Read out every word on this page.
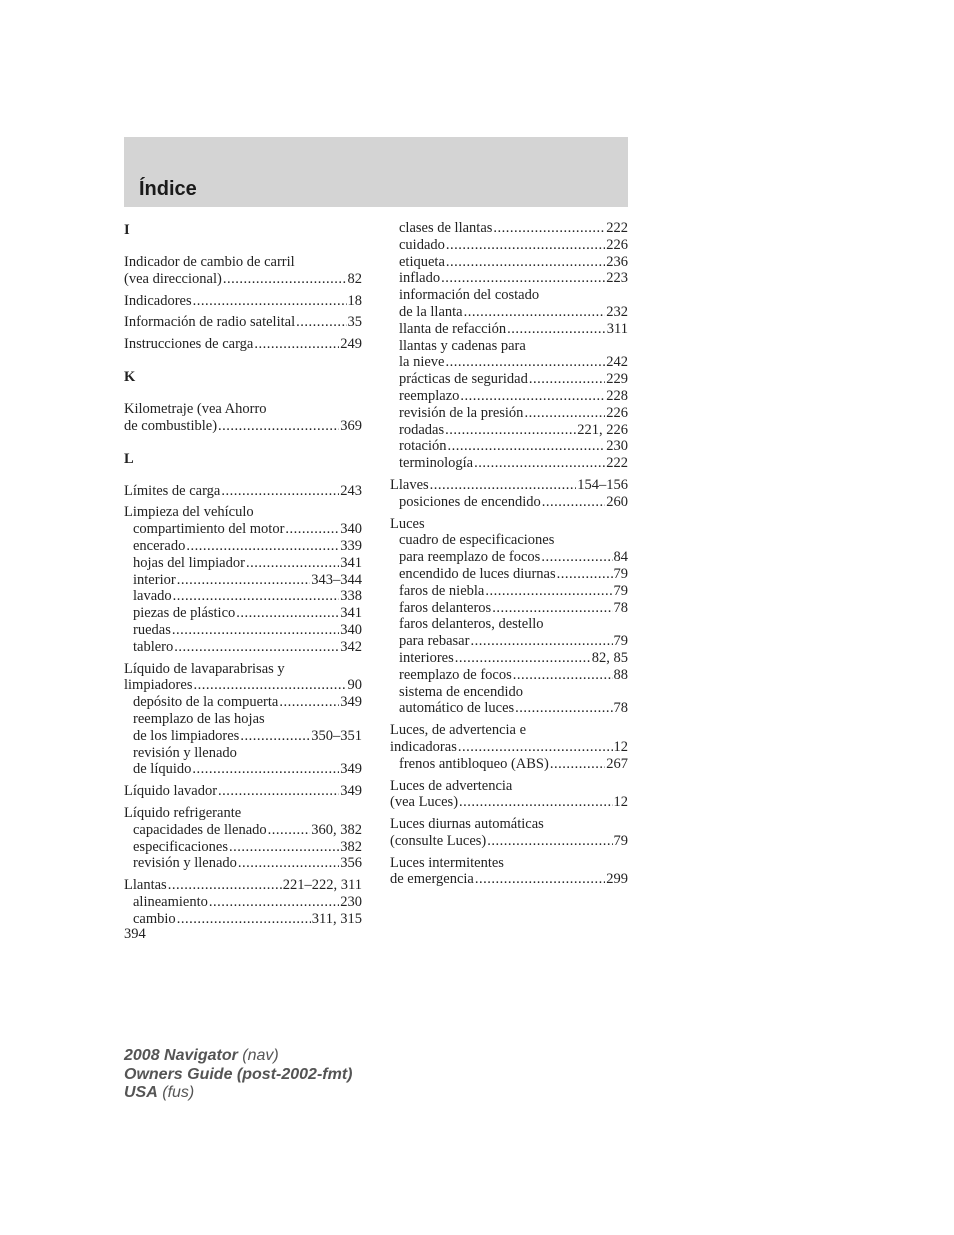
Índice
I
Indicador de cambio de carril
(vea direccional) .....	82
Indicadores .....	18
Información de radio satelital .....	35
Instrucciones de carga .....	249
K
Kilometraje (vea Ahorro
de combustible) .....	369
L
Límites de carga .....	243
Limpieza del vehículo
compartimiento del motor .....	340
encerado .....	339
hojas del limpiador .....	341
interior .....	343–344
lavado .....	338
piezas de plástico .....	341
ruedas .....	340
tablero .....	342
Líquido de lavaparabrisas y
limpiadores .....	90
depósito de la compuerta .....	349
reemplazo de las hojas
de los limpiadores .....	350–351
revisión y llenado
de líquido .....	349
Líquido lavador .....	349
Líquido refrigerante
capacidades de llenado .....	360, 382
especificaciones .....	382
revisión y llenado .....	356
Llantas .....	221–222, 311
alineamiento .....	230
cambio .....	311, 315
clases de llantas .....	222
cuidado .....	226
etiqueta .....	236
inflado .....	223
información del costado
de la llanta .....	232
llanta de refacción .....	311
llantas y cadenas para
la nieve .....	242
prácticas de seguridad .....	229
reemplazo .....	228
revisión de la presión .....	226
rodadas .....	221, 226
rotación .....	230
terminología .....	222
Llaves .....	154–156
posiciones de encendido .....	260
Luces
cuadro de especificaciones
para reemplazo de focos .....	84
encendido de luces diurnas .....	79
faros de niebla .....	79
faros delanteros .....	78
faros delanteros, destello
para rebasar .....	79
interiores .....	82, 85
reemplazo de focos .....	88
sistema de encendido
automático de luces .....	78
Luces, de advertencia e
indicadoras .....	12
frenos antibloqueo (ABS) .....	267
Luces de advertencia
(vea Luces) .....	12
Luces diurnas automáticas
(consulte Luces) .....	79
Luces intermitentes
de emergencia .....	299
394
2008 Navigator (nav)
Owners Guide (post-2002-fmt)
USA (fus)
